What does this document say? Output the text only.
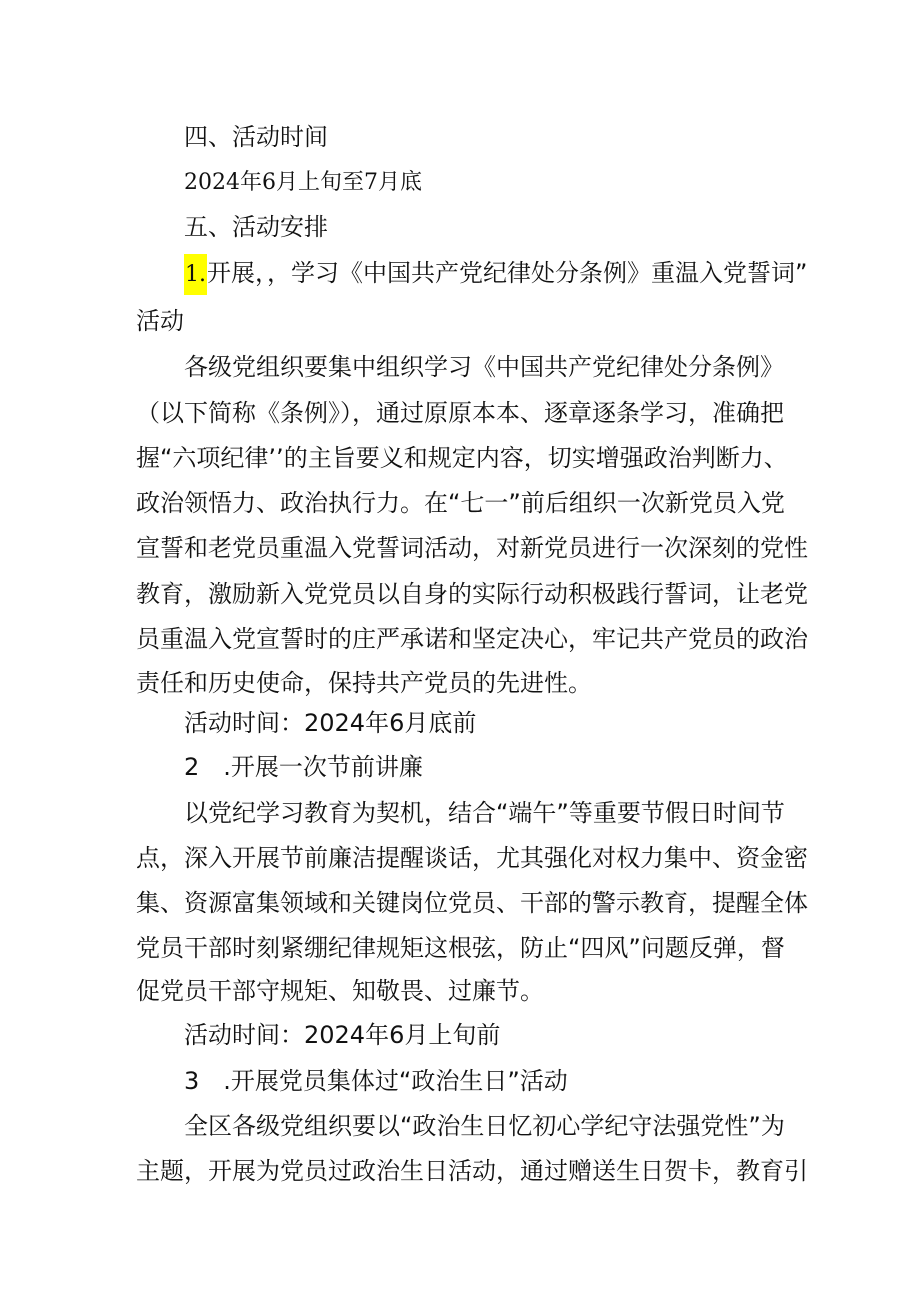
四、活动时间
2024年6月上旬至7月底
五、活动安排
1.开展，，学习《中国共产党纪律处分条例》重温入党誓词”
活动
各级党组织要集中组织学习《中国共产党纪律处分条例》
（以下简称《条例》），通过原原本本、逐章逐条学习，准确把
握“六项纪律’’的主旨要义和规定内容，切实增强政治判断力、
政治领悟力、政治执行力。在“七一”前后组织一次新党员入党
宣誓和老党员重温入党誓词活动，对新党员进行一次深刻的党性
教育，激励新入党党员以自身的实际行动积极践行誓词，让老党
员重温入党宣誓时的庄严承诺和坚定决心，牢记共产党员的政治
责任和历史使命，保持共产党员的先进性。
活动时间：2024年6月底前
2　.开展一次节前讲廉
以党纪学习教育为契机，结合“端午”等重要节假日时间节
点，深入开展节前廉洁提醒谈话，尤其强化对权力集中、资金密
集、资源富集领域和关键岗位党员、干部的警示教育，提醒全体
党员干部时刻紧绷纪律规矩这根弦，防止“四风”问题反弹，督
促党员干部守规矩、知敬畏、过廉节。
活动时间：2024年6月上旬前
3　.开展党员集体过“政治生日”活动
全区各级党组织要以“政治生日忆初心学纪守法强党性”为
主题，开展为党员过政治生日活动，通过赠送生日贺卡，教育引
